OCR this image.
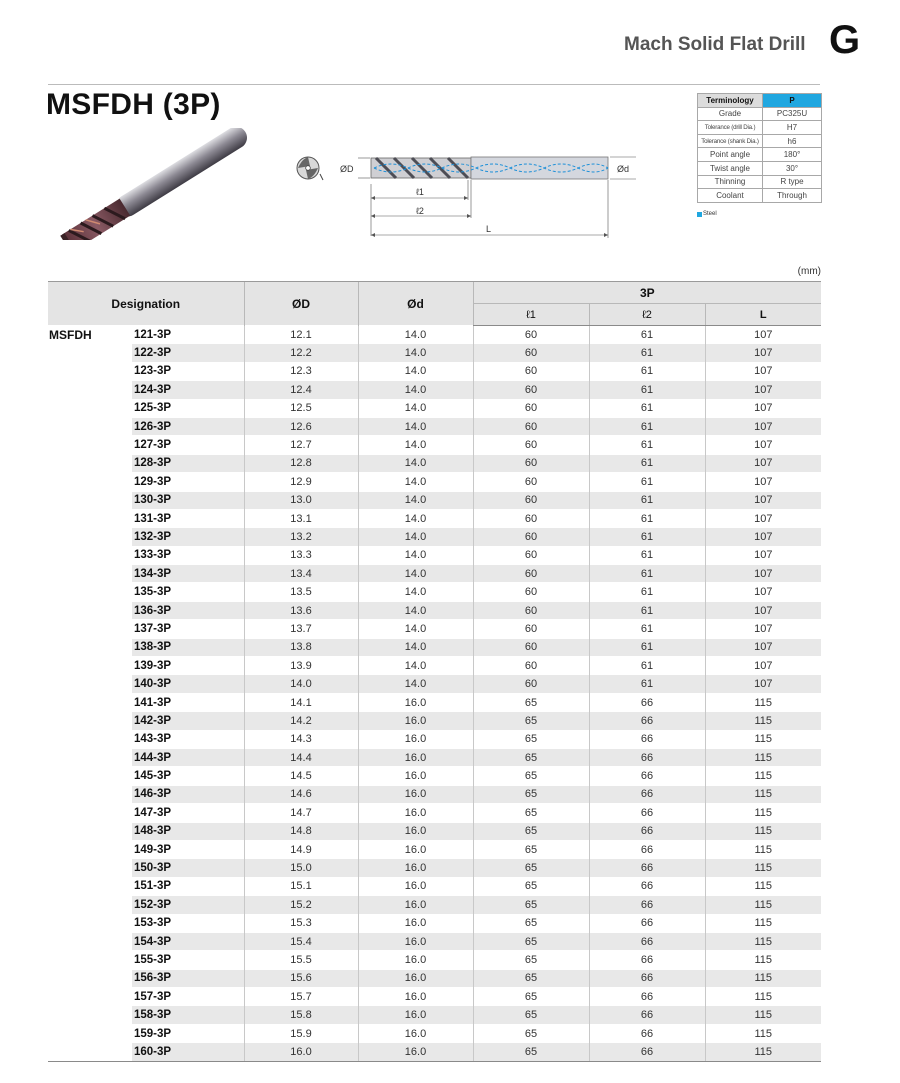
Mach Solid Flat Drill G
MSFDH (3P)
ØD	Ød
ℓ1
ℓ2
L
Terminology	P
Grade	PC325U
Tolerance (drill Dia.)	H7
Tolerance (shank Dia.)	h6
Point angle	180°
Twist angle	30°
Thinning	R type
Coolant	Through
Steel
(mm)
Designation		ØD	Ød	3P		
				ℓ1	ℓ2	L
MSFDH	121-3P	12.1	14.0	60	61	107
	122-3P	12.2	14.0	60	61	107
	123-3P	12.3	14.0	60	61	107
	124-3P	12.4	14.0	60	61	107
	125-3P	12.5	14.0	60	61	107
	126-3P	12.6	14.0	60	61	107
	127-3P	12.7	14.0	60	61	107
	128-3P	12.8	14.0	60	61	107
	129-3P	12.9	14.0	60	61	107
	130-3P	13.0	14.0	60	61	107
	131-3P	13.1	14.0	60	61	107
	132-3P	13.2	14.0	60	61	107
	133-3P	13.3	14.0	60	61	107
	134-3P	13.4	14.0	60	61	107
	135-3P	13.5	14.0	60	61	107
	136-3P	13.6	14.0	60	61	107
	137-3P	13.7	14.0	60	61	107
	138-3P	13.8	14.0	60	61	107
	139-3P	13.9	14.0	60	61	107
	140-3P	14.0	14.0	60	61	107
	141-3P	14.1	16.0	65	66	115
	142-3P	14.2	16.0	65	66	115
	143-3P	14.3	16.0	65	66	115
	144-3P	14.4	16.0	65	66	115
	145-3P	14.5	16.0	65	66	115
	146-3P	14.6	16.0	65	66	115
	147-3P	14.7	16.0	65	66	115
	148-3P	14.8	16.0	65	66	115
	149-3P	14.9	16.0	65	66	115
	150-3P	15.0	16.0	65	66	115
	151-3P	15.1	16.0	65	66	115
	152-3P	15.2	16.0	65	66	115
	153-3P	15.3	16.0	65	66	115
	154-3P	15.4	16.0	65	66	115
	155-3P	15.5	16.0	65	66	115
	156-3P	15.6	16.0	65	66	115
	157-3P	15.7	16.0	65	66	115
	158-3P	15.8	16.0	65	66	115
	159-3P	15.9	16.0	65	66	115
	160-3P	16.0	16.0	65	66	115
